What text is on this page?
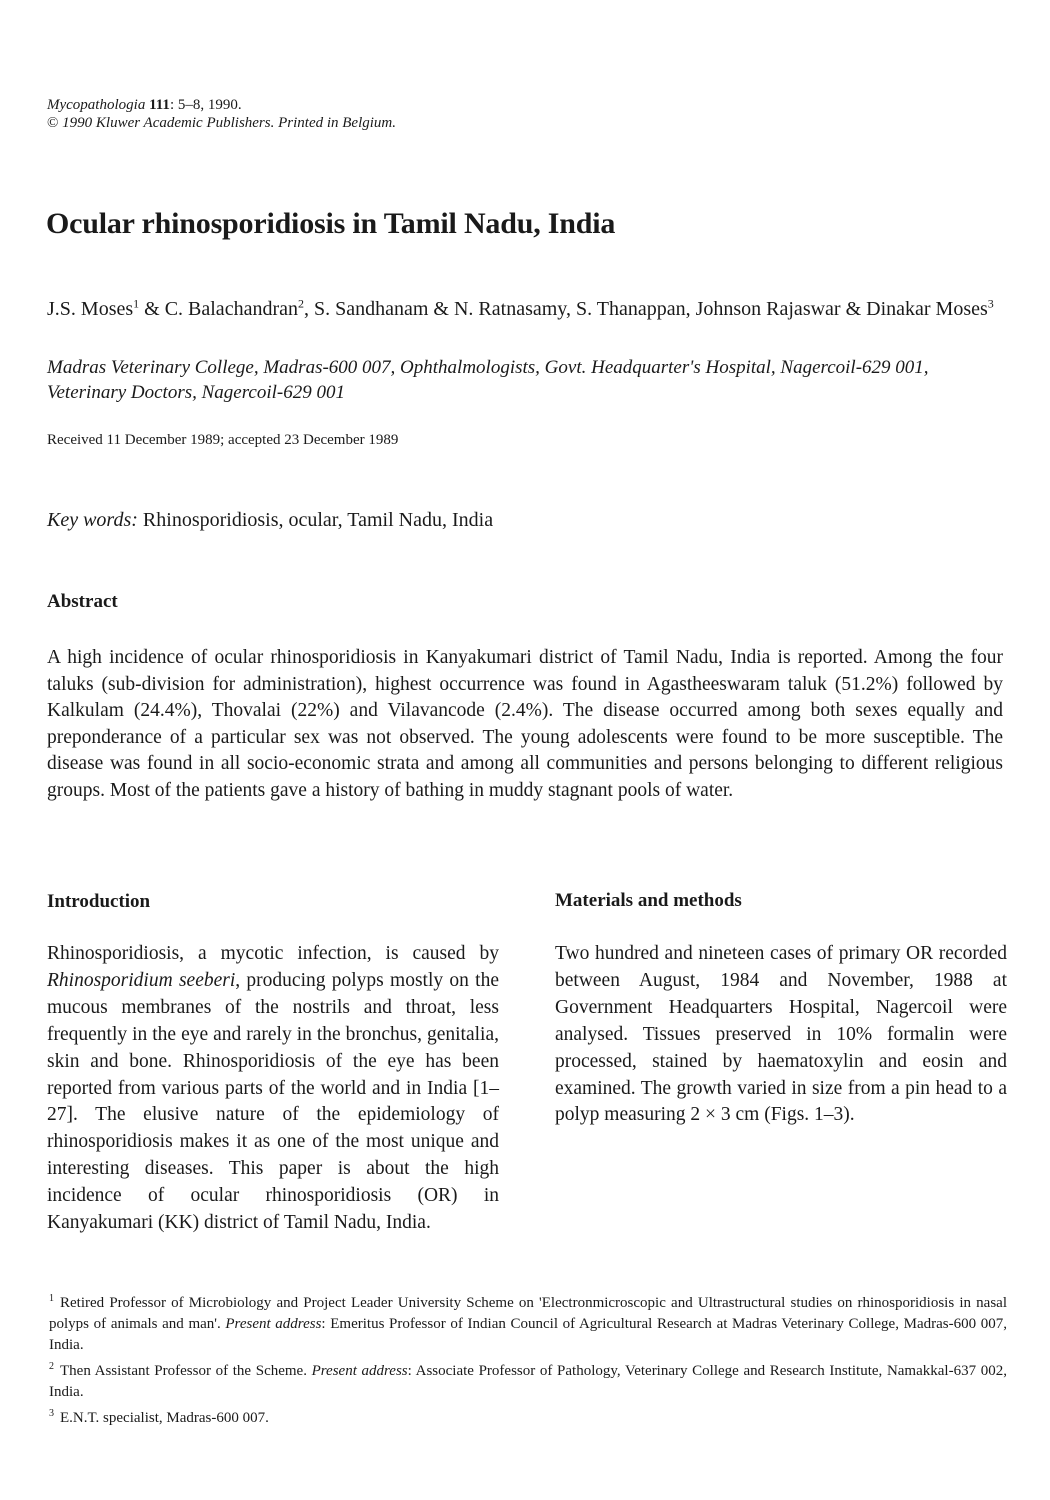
Mycopathologia 111: 5–8, 1990.
© 1990 Kluwer Academic Publishers. Printed in Belgium.
Ocular rhinosporidiosis in Tamil Nadu, India
J.S. Moses$^1$ & C. Balachandran$^2$, S. Sandhanam & N. Ratnasamy, S. Thanappan, Johnson Rajaswar & Dinakar Moses$^3$
Madras Veterinary College, Madras-600 007, Ophthalmologists, Govt. Headquarter's Hospital, Nagercoil-629 001, Veterinary Doctors, Nagercoil-629 001
Received 11 December 1989; accepted 23 December 1989
Key words: Rhinosporidiosis, ocular, Tamil Nadu, India
Abstract

A high incidence of ocular rhinosporidiosis in Kanyakumari district of Tamil Nadu, India is reported. Among the four taluks (sub-division for administration), highest occurrence was found in Agastheeswaram taluk (51.2%) followed by Kalkulam (24.4%), Thovalai (22%) and Vilavancode (2.4%). The disease occurred among both sexes equally and preponderance of a particular sex was not observed. The young adolescents were found to be more susceptible. The disease was found in all socio-economic strata and among all communities and persons belonging to different religious groups. Most of the patients gave a history of bathing in muddy stagnant pools of water.

Introduction

Rhinosporidiosis, a mycotic infection, is caused by Rhinosporidium seeberi, producing polyps mostly on the mucous membranes of the nostrils and throat, less frequently in the eye and rarely in the bronchus, genitalia, skin and bone. Rhinosporidiosis of the eye has been reported from various parts of the world and in India [1–27]. The elusive nature of the epidemiology of rhinosporidiosis makes it as one of the most unique and interesting diseases. This paper is about the high incidence of ocular rhinosporidiosis (OR) in Kanyakumari (KK) district of Tamil Nadu, India.

Materials and methods

Two hundred and nineteen cases of primary OR recorded between August, 1984 and November, 1988 at Government Headquarters Hospital, Nagercoil were analysed. Tissues preserved in 10% formalin were processed, stained by haematoxylin and eosin and examined. The growth varied in size from a pin head to a polyp measuring 2 × 3 cm (Figs. 1–3).

$^1$ Retired Professor of Microbiology and Project Leader University Scheme on 'Electronmicroscopic and Ultrastructural studies on rhinosporidiosis in nasal polyps of animals and man'. Present address: Emeritus Professor of Indian Council of Agricultural Research at Madras Veterinary College, Madras-600 007, India.

$^2$ Then Assistant Professor of the Scheme. Present address: Associate Professor of Pathology, Veterinary College and Research Institute, Namakkal-637 002, India.

$^3$ E.N.T. specialist, Madras-600 007.
